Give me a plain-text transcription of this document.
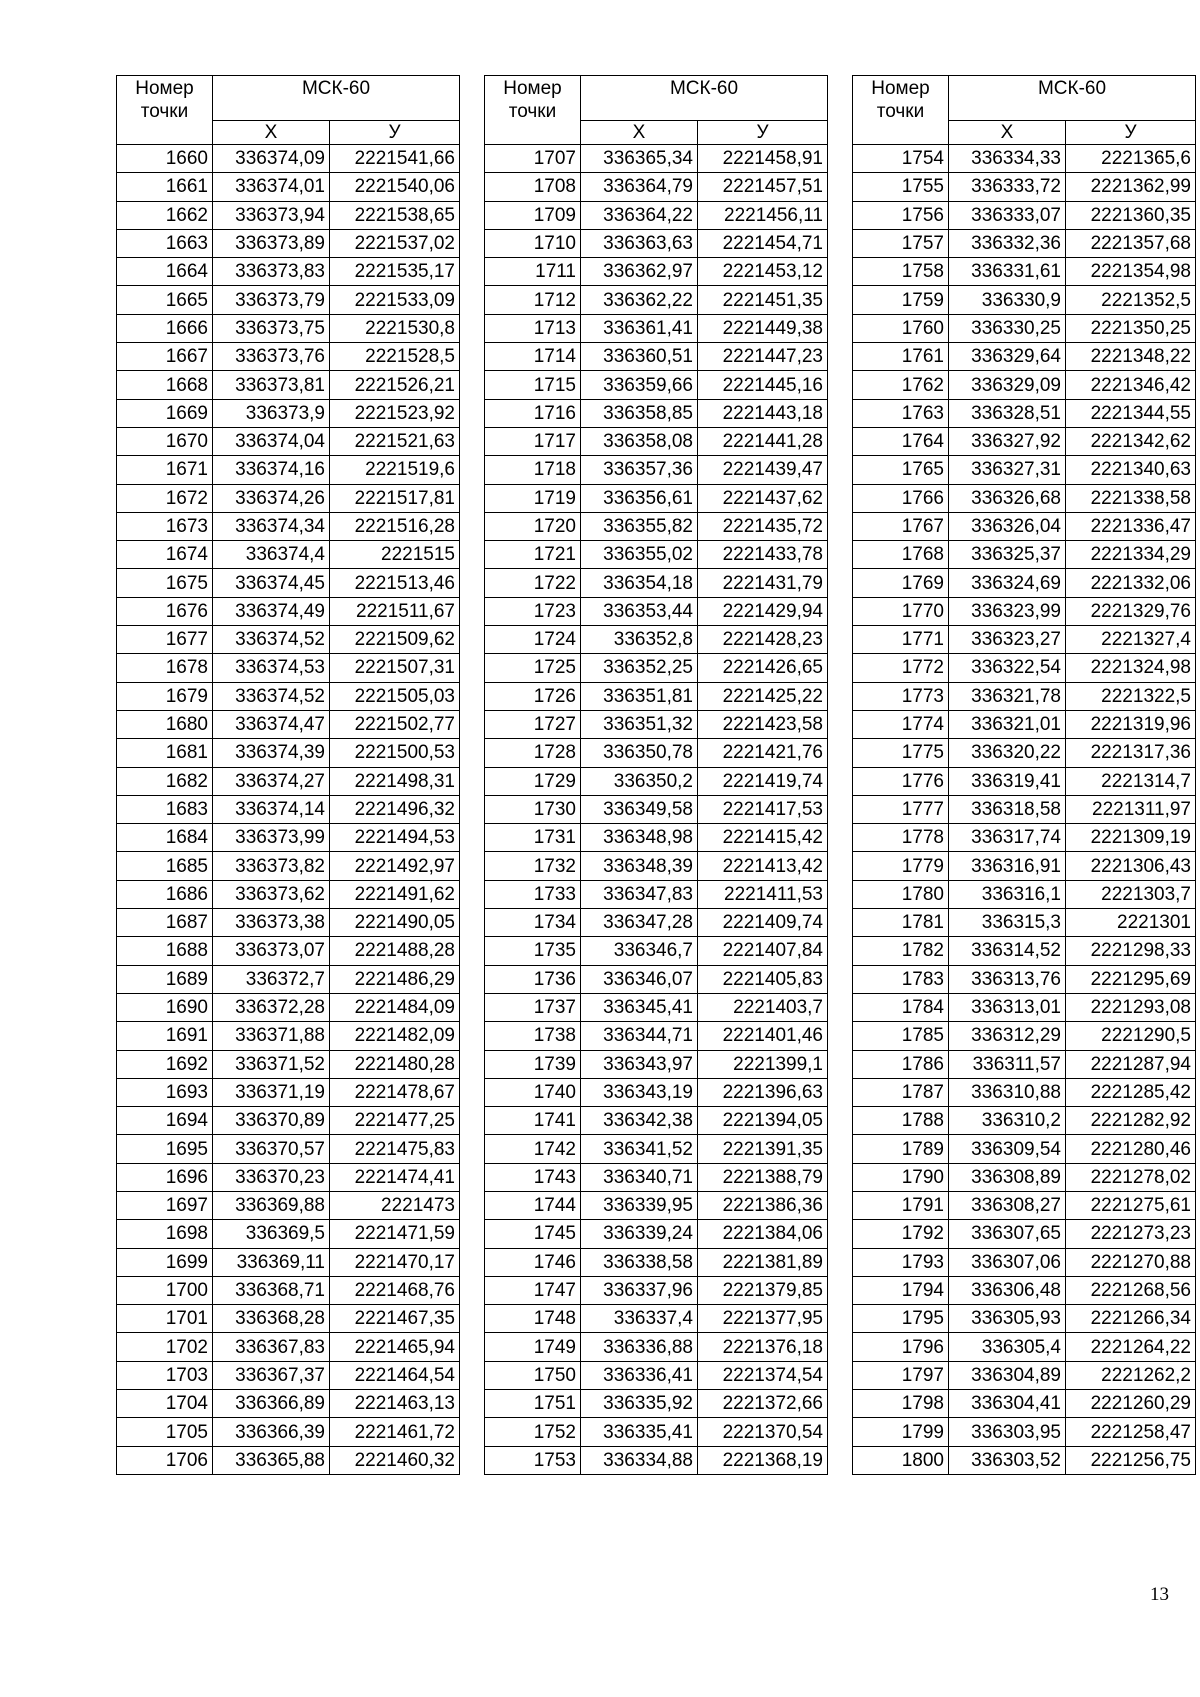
Номер
точки	МСК-60	
	Х	У
1660	336374,09	2221541,66
1661	336374,01	2221540,06
1662	336373,94	2221538,65
1663	336373,89	2221537,02
1664	336373,83	2221535,17
1665	336373,79	2221533,09
1666	336373,75	2221530,8
1667	336373,76	2221528,5
1668	336373,81	2221526,21
1669	336373,9	2221523,92
1670	336374,04	2221521,63
1671	336374,16	2221519,6
1672	336374,26	2221517,81
1673	336374,34	2221516,28
1674	336374,4	2221515
1675	336374,45	2221513,46
1676	336374,49	2221511,67
1677	336374,52	2221509,62
1678	336374,53	2221507,31
1679	336374,52	2221505,03
1680	336374,47	2221502,77
1681	336374,39	2221500,53
1682	336374,27	2221498,31
1683	336374,14	2221496,32
1684	336373,99	2221494,53
1685	336373,82	2221492,97
1686	336373,62	2221491,62
1687	336373,38	2221490,05
1688	336373,07	2221488,28
1689	336372,7	2221486,29
1690	336372,28	2221484,09
1691	336371,88	2221482,09
1692	336371,52	2221480,28
1693	336371,19	2221478,67
1694	336370,89	2221477,25
1695	336370,57	2221475,83
1696	336370,23	2221474,41
1697	336369,88	2221473
1698	336369,5	2221471,59
1699	336369,11	2221470,17
1700	336368,71	2221468,76
1701	336368,28	2221467,35
1702	336367,83	2221465,94
1703	336367,37	2221464,54
1704	336366,89	2221463,13
1705	336366,39	2221461,72
1706	336365,88	2221460,32
Номер
точки	МСК-60	
	Х	У
1707	336365,34	2221458,91
1708	336364,79	2221457,51
1709	336364,22	2221456,11
1710	336363,63	2221454,71
1711	336362,97	2221453,12
1712	336362,22	2221451,35
1713	336361,41	2221449,38
1714	336360,51	2221447,23
1715	336359,66	2221445,16
1716	336358,85	2221443,18
1717	336358,08	2221441,28
1718	336357,36	2221439,47
1719	336356,61	2221437,62
1720	336355,82	2221435,72
1721	336355,02	2221433,78
1722	336354,18	2221431,79
1723	336353,44	2221429,94
1724	336352,8	2221428,23
1725	336352,25	2221426,65
1726	336351,81	2221425,22
1727	336351,32	2221423,58
1728	336350,78	2221421,76
1729	336350,2	2221419,74
1730	336349,58	2221417,53
1731	336348,98	2221415,42
1732	336348,39	2221413,42
1733	336347,83	2221411,53
1734	336347,28	2221409,74
1735	336346,7	2221407,84
1736	336346,07	2221405,83
1737	336345,41	2221403,7
1738	336344,71	2221401,46
1739	336343,97	2221399,1
1740	336343,19	2221396,63
1741	336342,38	2221394,05
1742	336341,52	2221391,35
1743	336340,71	2221388,79
1744	336339,95	2221386,36
1745	336339,24	2221384,06
1746	336338,58	2221381,89
1747	336337,96	2221379,85
1748	336337,4	2221377,95
1749	336336,88	2221376,18
1750	336336,41	2221374,54
1751	336335,92	2221372,66
1752	336335,41	2221370,54
1753	336334,88	2221368,19
Номер
точки	МСК-60	
	Х	У
1754	336334,33	2221365,6
1755	336333,72	2221362,99
1756	336333,07	2221360,35
1757	336332,36	2221357,68
1758	336331,61	2221354,98
1759	336330,9	2221352,5
1760	336330,25	2221350,25
1761	336329,64	2221348,22
1762	336329,09	2221346,42
1763	336328,51	2221344,55
1764	336327,92	2221342,62
1765	336327,31	2221340,63
1766	336326,68	2221338,58
1767	336326,04	2221336,47
1768	336325,37	2221334,29
1769	336324,69	2221332,06
1770	336323,99	2221329,76
1771	336323,27	2221327,4
1772	336322,54	2221324,98
1773	336321,78	2221322,5
1774	336321,01	2221319,96
1775	336320,22	2221317,36
1776	336319,41	2221314,7
1777	336318,58	2221311,97
1778	336317,74	2221309,19
1779	336316,91	2221306,43
1780	336316,1	2221303,7
1781	336315,3	2221301
1782	336314,52	2221298,33
1783	336313,76	2221295,69
1784	336313,01	2221293,08
1785	336312,29	2221290,5
1786	336311,57	2221287,94
1787	336310,88	2221285,42
1788	336310,2	2221282,92
1789	336309,54	2221280,46
1790	336308,89	2221278,02
1791	336308,27	2221275,61
1792	336307,65	2221273,23
1793	336307,06	2221270,88
1794	336306,48	2221268,56
1795	336305,93	2221266,34
1796	336305,4	2221264,22
1797	336304,89	2221262,2
1798	336304,41	2221260,29
1799	336303,95	2221258,47
1800	336303,52	2221256,75
13
